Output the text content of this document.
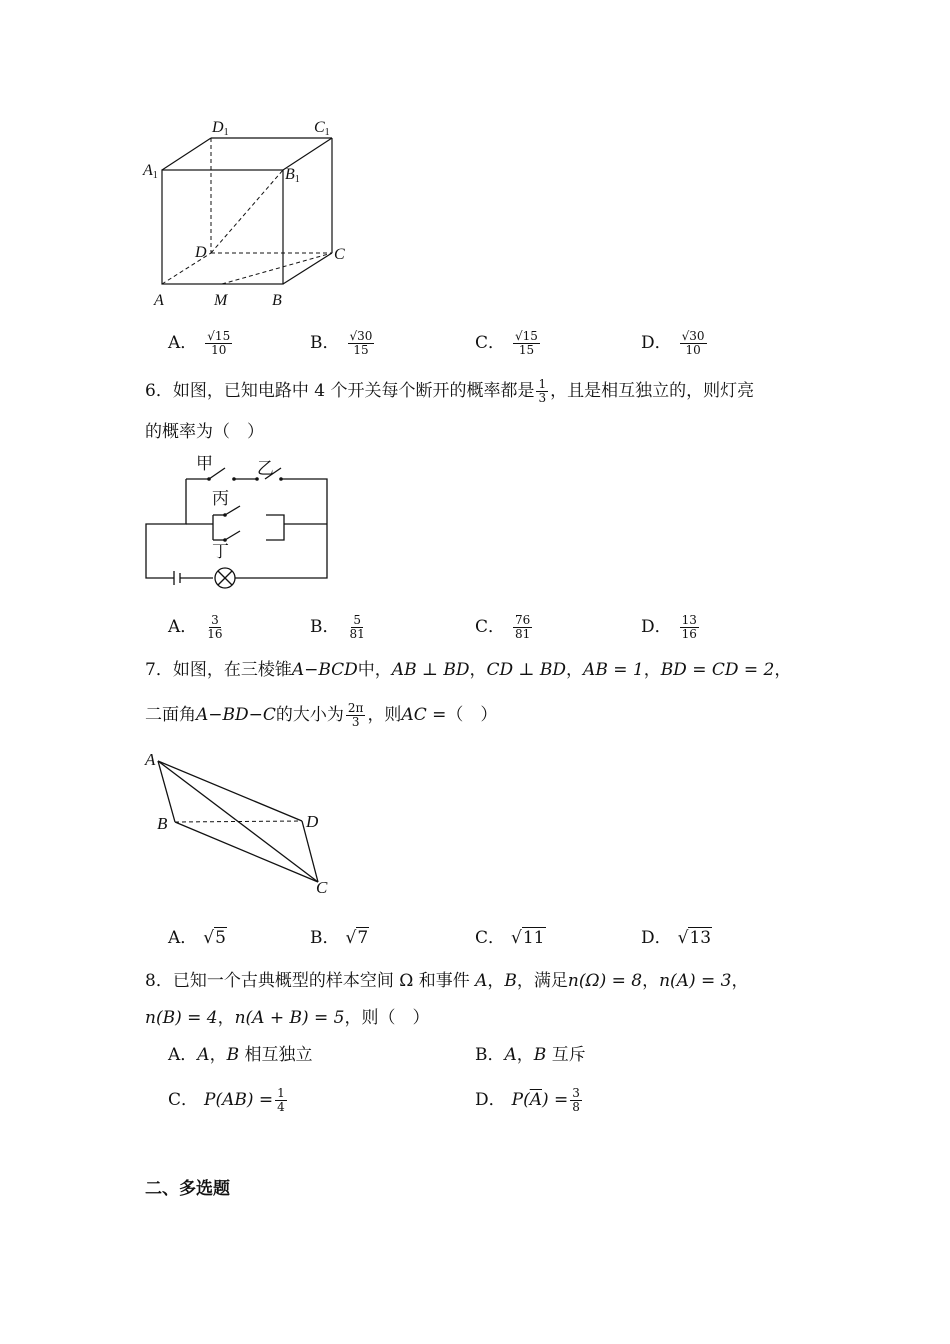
D1	C1
A1	B1
D	C
A	M	B
A． $\frac{√15}{10}$	B． $\frac{√30}{15}$	C． $\frac{√15}{15}$	D． $\frac{√30}{10}$
6．如图，已知电路中 4 个开关每个断开的概率都是 $\frac{1}{3}$ ，且是相互独立的，则灯亮
的概率为（　）
甲	乙
丙
丁
A． $\frac{3}{16}$	B． $\frac{5}{81}$	C． $\frac{76}{81}$	D． $\frac{13}{16}$
7．如图，在三棱锥A−BCD中，AB ⊥ BD，CD ⊥ BD，AB = 1，BD = CD = 2，
二面角A−BD−C的大小为 $\frac{2\pi}{3}$ ，则AC =（　）
A
B	D
C
A． √5	B． √7	C． √11	D． √13
8．已知一个古典概型的样本空间 Ω 和事件 A，B，满足n(Ω) = 8，n(A) = 3，
n(B) = 4，n(A + B) = 5，则（　）
A．A，B 相互独立	B．A，B 互斥
C． $P(AB) = \frac{1}{4}$	D． $P(\overline{A}) = \frac{3}{8}$
二、多选题
